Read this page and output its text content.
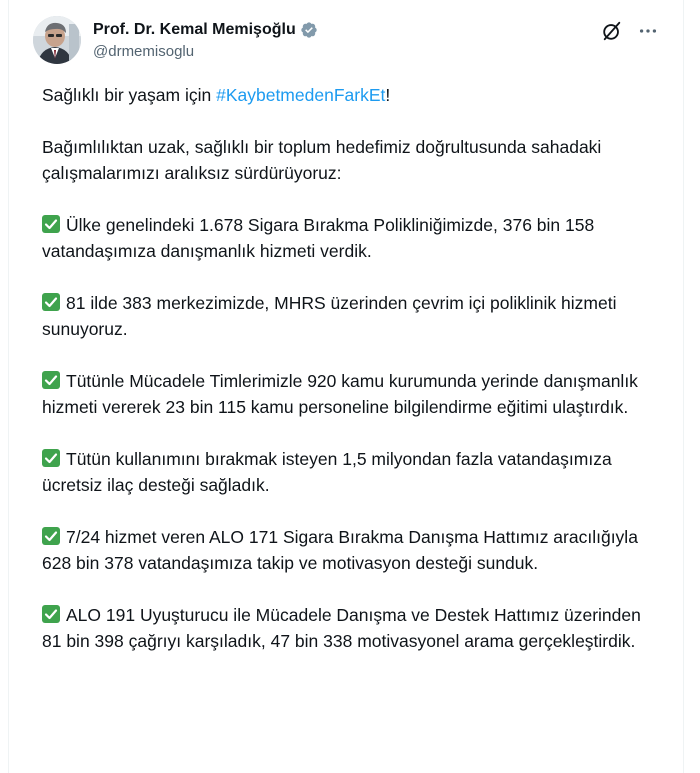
Prof. Dr. Kemal Memişoğlu
@drmemisoglu

Sağlıklı bir yaşam için #KaybetmedenFarkEt!

Bağımlılıktan uzak, sağlıklı bir toplum hedefimiz doğrultusunda sahadaki çalışmalarımızı aralıksız sürdürüyoruz:

Ülke genelindeki 1.678 Sigara Bırakma Polikliniğimizde, 376 bin 158 vatandaşımıza danışmanlık hizmeti verdik.

81 ilde 383 merkezimizde, MHRS üzerinden çevrim içi poliklinik hizmeti sunuyoruz.

Tütünle Mücadele Timlerimizle 920 kamu kurumunda yerinde danışmanlık hizmeti vererek 23 bin 115 kamu personeline bilgilendirme eğitimi ulaştırdık.

Tütün kullanımını bırakmak isteyen 1,5 milyondan fazla vatandaşımıza ücretsiz ilaç desteği sağladık.

7/24 hizmet veren ALO 171 Sigara Bırakma Danışma Hattımız aracılığıyla 628 bin 378 vatandaşımıza takip ve motivasyon desteği sunduk.

ALO 191 Uyuşturucu ile Mücadele Danışma ve Destek Hattımız üzerinden 81 bin 398 çağrıyı karşıladık, 47 bin 338 motivasyonel arama gerçekleştirdik.
